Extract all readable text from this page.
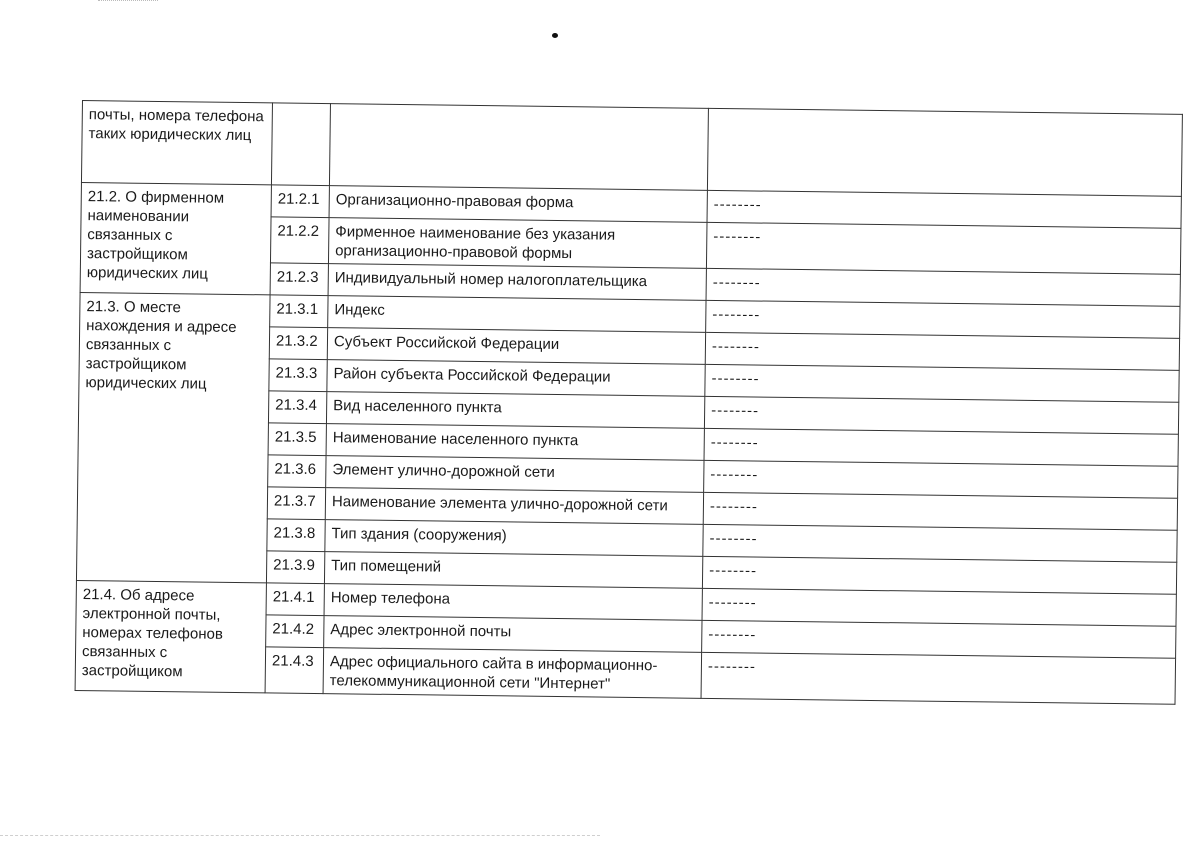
почты, номера телефона таких юридических лиц			
21.2. О фирменном наименовании связанных с застройщиком юридических лиц	21.2.1	Организационно-правовая форма	--------
	21.2.2	Фирменное наименование без указания организационно-правовой формы	--------
	21.2.3	Индивидуальный номер налогоплательщика	--------
21.3. О месте нахождения и адресе связанных с застройщиком юридических лиц	21.3.1	Индекс	--------
	21.3.2	Субъект Российской Федерации	--------
	21.3.3	Район субъекта Российской Федерации	--------
	21.3.4	Вид населенного пункта	--------
	21.3.5	Наименование населенного пункта	--------
	21.3.6	Элемент улично-дорожной сети	--------
	21.3.7	Наименование элемента улично-дорожной сети	--------
	21.3.8	Тип здания (сооружения)	--------
	21.3.9	Тип помещений	--------
21.4. Об адресе электронной почты, номерах телефонов связанных с застройщиком	21.4.1	Номер телефона	--------
	21.4.2	Адрес электронной почты	--------
	21.4.3	Адрес официального сайта в информационно-телекоммуникационной сети "Интернет"	--------
